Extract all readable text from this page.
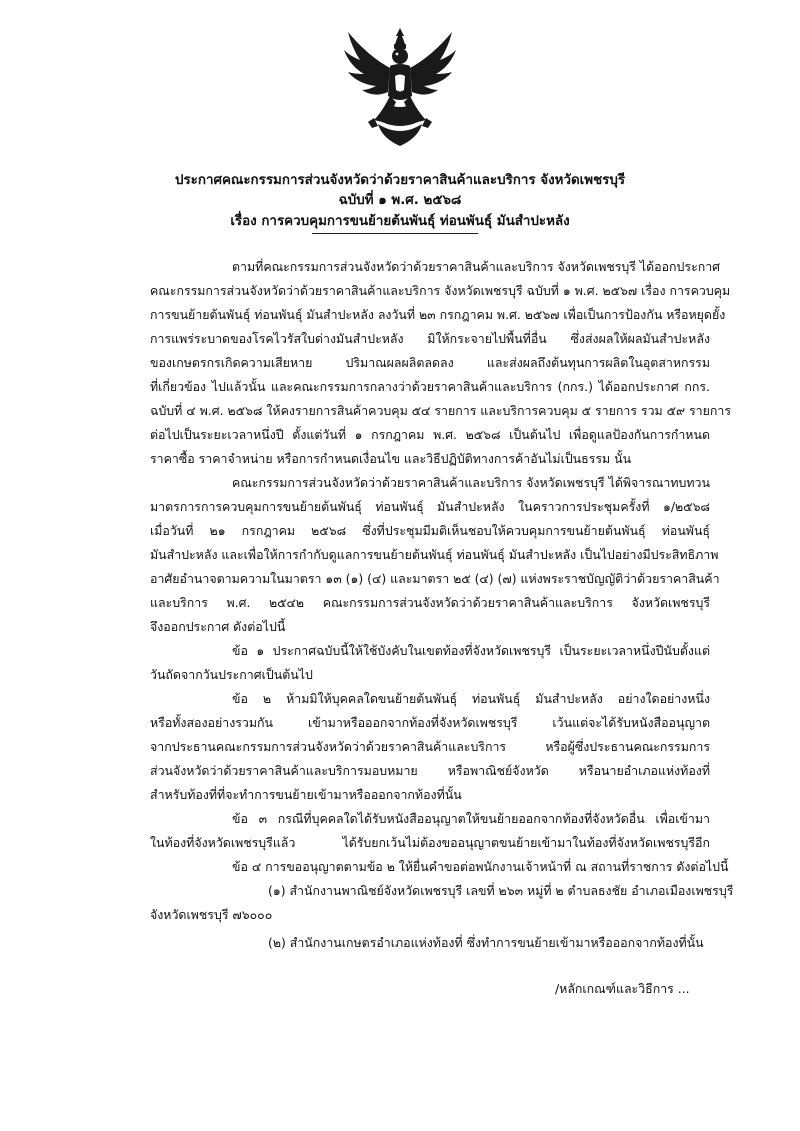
ประกาศคณะกรรมการส่วนจังหวัดว่าด้วยราคาสินค้าและบริการ จังหวัดเพชรบุรี
ฉบับที่ ๑ พ.ศ. ๒๕๖๘
เรื่อง การควบคุมการขนย้ายต้นพันธุ์ ท่อนพันธุ์ มันสำปะหลัง
ตามที่คณะกรรมการส่วนจังหวัดว่าด้วยราคาสินค้าและบริการ จังหวัดเพชรบุรี ได้ออกประกาศ
คณะกรรมการส่วนจังหวัดว่าด้วยราคาสินค้าและบริการ จังหวัดเพชรบุรี ฉบับที่ ๑ พ.ศ. ๒๕๖๗ เรื่อง การควบคุม
การขนย้ายต้นพันธุ์ ท่อนพันธุ์ มันสำปะหลัง ลงวันที่ ๒๓ กรกฎาคม พ.ศ. ๒๕๖๗ เพื่อเป็นการป้องกัน หรือหยุดยั้ง
การแพร่ระบาดของโรคไวรัสใบด่างมันสำปะหลัง มิให้กระจายไปพื้นที่อื่น ซึ่งส่งผลให้ผลมันสำปะหลัง
ของเกษตรกรเกิดความเสียหาย ปริมาณผลผลิตลดลง และส่งผลถึงต้นทุนการผลิตในอุตสาหกรรม
ที่เกี่ยวข้อง ไปแล้วนั้น และคณะกรรมการกลางว่าด้วยราคาสินค้าและบริการ (กกร.) ได้ออกประกาศ กกร.
ฉบับที่ ๔ พ.ศ. ๒๕๖๘ ให้คงรายการสินค้าควบคุม ๕๔ รายการ และบริการควบคุม ๕ รายการ รวม ๕๙ รายการ
ต่อไปเป็นระยะเวลาหนึ่งปี ตั้งแต่วันที่ ๑ กรกฎาคม พ.ศ. ๒๕๖๘ เป็นต้นไป เพื่อดูแลป้องกันการกำหนด
ราคาซื้อ ราคาจำหน่าย หรือการกำหนดเงื่อนไข และวิธีปฏิบัติทางการค้าอันไม่เป็นธรรม นั้น
คณะกรรมการส่วนจังหวัดว่าด้วยราคาสินค้าและบริการ จังหวัดเพชรบุรี ได้พิจารณาทบทวน
มาตรการการควบคุมการขนย้ายต้นพันธุ์ ท่อนพันธุ์ มันสำปะหลัง ในคราวการประชุมครั้งที่ ๑/๒๕๖๘
เมื่อวันที่ ๒๑ กรกฎาคม ๒๕๖๘ ซึ่งที่ประชุมมีมติเห็นชอบให้ควบคุมการขนย้ายต้นพันธุ์ ท่อนพันธุ์
มันสำปะหลัง และเพื่อให้การกำกับดูแลการขนย้ายต้นพันธุ์ ท่อนพันธุ์ มันสำปะหลัง เป็นไปอย่างมีประสิทธิภาพ
อาศัยอำนาจตามความในมาตรา ๑๓ (๑) (๔) และมาตรา ๒๕ (๔) (๗) แห่งพระราชบัญญัติว่าด้วยราคาสินค้า
และบริการ พ.ศ. ๒๕๔๒ คณะกรรมการส่วนจังหวัดว่าด้วยราคาสินค้าและบริการ จังหวัดเพชรบุรี
จึงออกประกาศ ดังต่อไปนี้
ข้อ ๑ ประกาศฉบับนี้ให้ใช้บังคับในเขตท้องที่จังหวัดเพชรบุรี เป็นระยะเวลาหนึ่งปีนับตั้งแต่
วันถัดจากวันประกาศเป็นต้นไป
ข้อ ๒ ห้ามมิให้บุคคลใดขนย้ายต้นพันธุ์ ท่อนพันธุ์ มันสำปะหลัง อย่างใดอย่างหนึ่ง
หรือทั้งสองอย่างรวมกัน เข้ามาหรือออกจากท้องที่จังหวัดเพชรบุรี เว้นแต่จะได้รับหนังสืออนุญาต
จากประธานคณะกรรมการส่วนจังหวัดว่าด้วยราคาสินค้าและบริการ หรือผู้ซึ่งประธานคณะกรรมการ
ส่วนจังหวัดว่าด้วยราคาสินค้าและบริการมอบหมาย หรือพาณิชย์จังหวัด หรือนายอำเภอแห่งท้องที่
สำหรับท้องที่ที่จะทำการขนย้ายเข้ามาหรือออกจากท้องที่นั้น
ข้อ ๓ กรณีที่บุคคลใดได้รับหนังสืออนุญาตให้ขนย้ายออกจากท้องที่จังหวัดอื่น เพื่อเข้ามา
ในท้องที่จังหวัดเพชรบุรีแล้ว ได้รับยกเว้นไม่ต้องขออนุญาตขนย้ายเข้ามาในท้องที่จังหวัดเพชรบุรีอีก
ข้อ ๔ การขออนุญาตตามข้อ ๒ ให้ยื่นคำขอต่อพนักงานเจ้าหน้าที่ ณ สถานที่ราชการ ดังต่อไปนี้
(๑) สำนักงานพาณิชย์จังหวัดเพชรบุรี เลขที่ ๒๖๓ หมู่ที่ ๒ ตำบลธงชัย อำเภอเมืองเพชรบุรี
จังหวัดเพชรบุรี ๗๖๐๐๐
(๒) สำนักงานเกษตรอำเภอแห่งท้องที่ ซึ่งทำการขนย้ายเข้ามาหรือออกจากท้องที่นั้น
/หลักเกณฑ์และวิธีการ ...
